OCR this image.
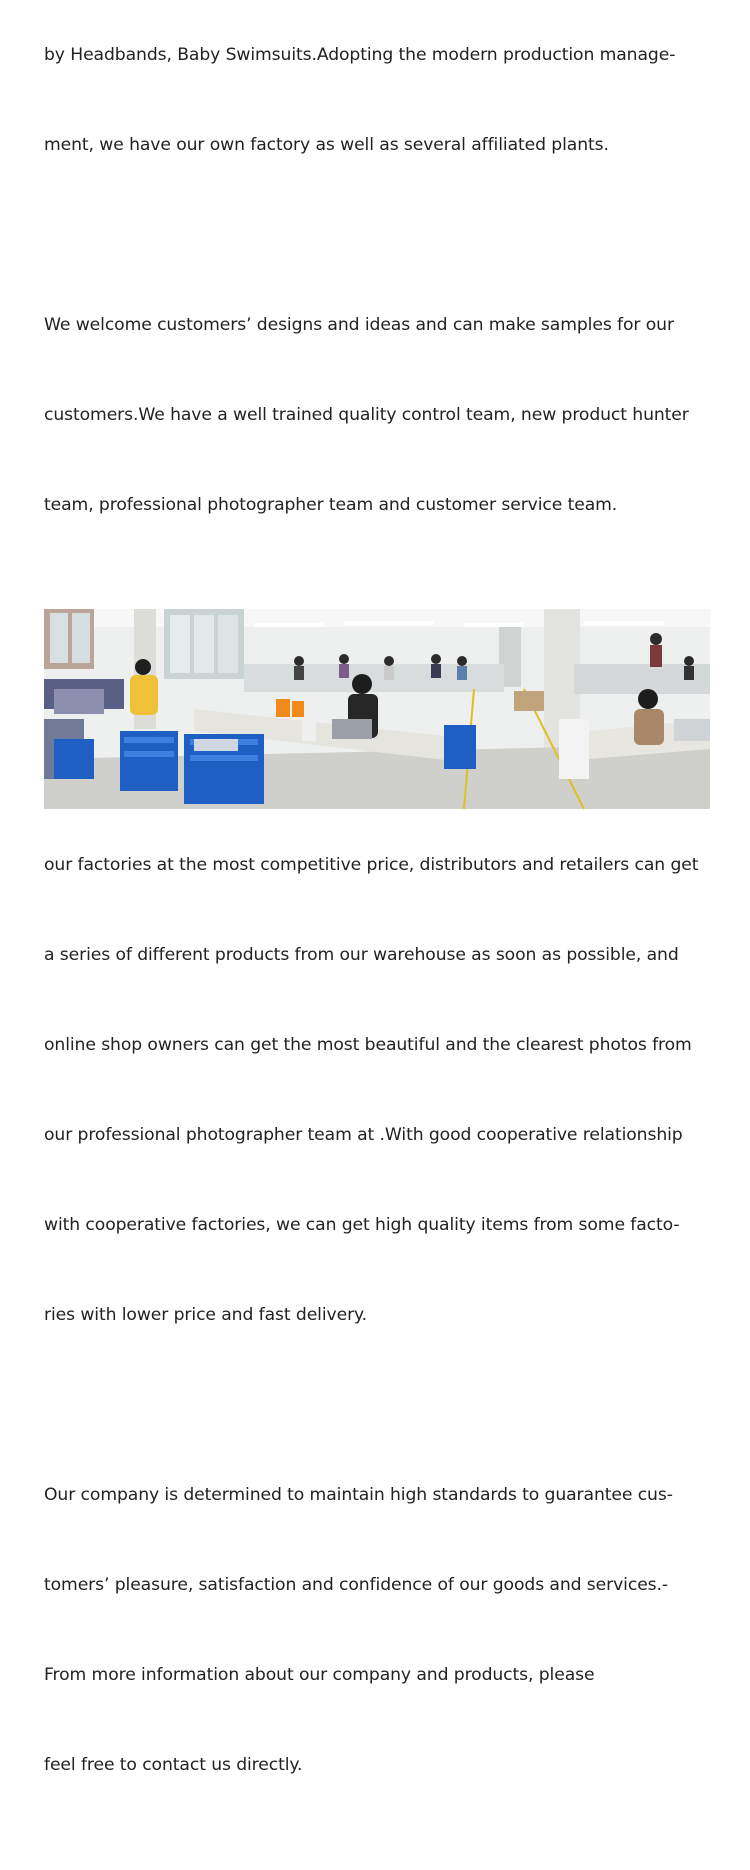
by Headbands, Baby Swimsuits.Adopting the modern production manage-

ment, we have our own factory as well as several affiliated plants.

We welcome customers’ designs and ideas and can make samples for our

customers.We have a well trained quality control team, new product hunter

team, professional photographer team and customer service team.

our factories at the most competitive price, distributors and retailers can get

a series of different products from our warehouse as soon as possible, and

online shop owners can get the most beautiful and the clearest photos from

our professional photographer team at .With good cooperative relationship

with cooperative factories, we can get high quality items from some facto-

ries with lower price and fast delivery.

Our company is determined to maintain high standards to guarantee cus-

tomers’ pleasure, satisfaction and confidence of our goods and services.-

From more information about our company and products, please

feel free to contact us directly.
